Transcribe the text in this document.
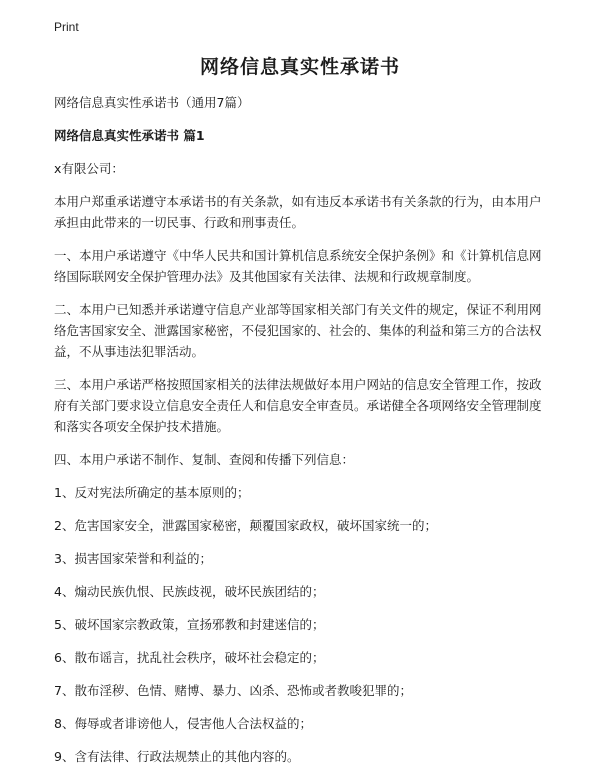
Print
网络信息真实性承诺书

网络信息真实性承诺书（通用7篇）

网络信息真实性承诺书 篇1

x有限公司：

本用户郑重承诺遵守本承诺书的有关条款，如有违反本承诺书有关条款的行为，由本用户承担由此带来的一切民事、行政和刑事责任。

一、本用户承诺遵守《中华人民共和国计算机信息系统安全保护条例》和《计算机信息网络国际联网安全保护管理办法》及其他国家有关法律、法规和行政规章制度。

二、本用户已知悉并承诺遵守信息产业部等国家相关部门有关文件的规定，保证不利用网络危害国家安全、泄露国家秘密，不侵犯国家的、社会的、集体的利益和第三方的合法权益，不从事违法犯罪活动。

三、本用户承诺严格按照国家相关的法律法规做好本用户网站的信息安全管理工作，按政府有关部门要求设立信息安全责任人和信息安全审查员。承诺健全各项网络安全管理制度和落实各项安全保护技术措施。

四、本用户承诺不制作、复制、查阅和传播下列信息：

1、反对宪法所确定的基本原则的；

2、危害国家安全，泄露国家秘密，颠覆国家政权，破坏国家统一的；

3、损害国家荣誉和利益的；

4、煽动民族仇恨、民族歧视，破坏民族团结的；

5、破坏国家宗教政策，宣扬邪教和封建迷信的；

6、散布谣言，扰乱社会秩序，破坏社会稳定的；

7、散布淫秽、色情、赌博、暴力、凶杀、恐怖或者教唆犯罪的；

8、侮辱或者诽谤他人，侵害他人合法权益的；

9、含有法律、行政法规禁止的其他内容的。
